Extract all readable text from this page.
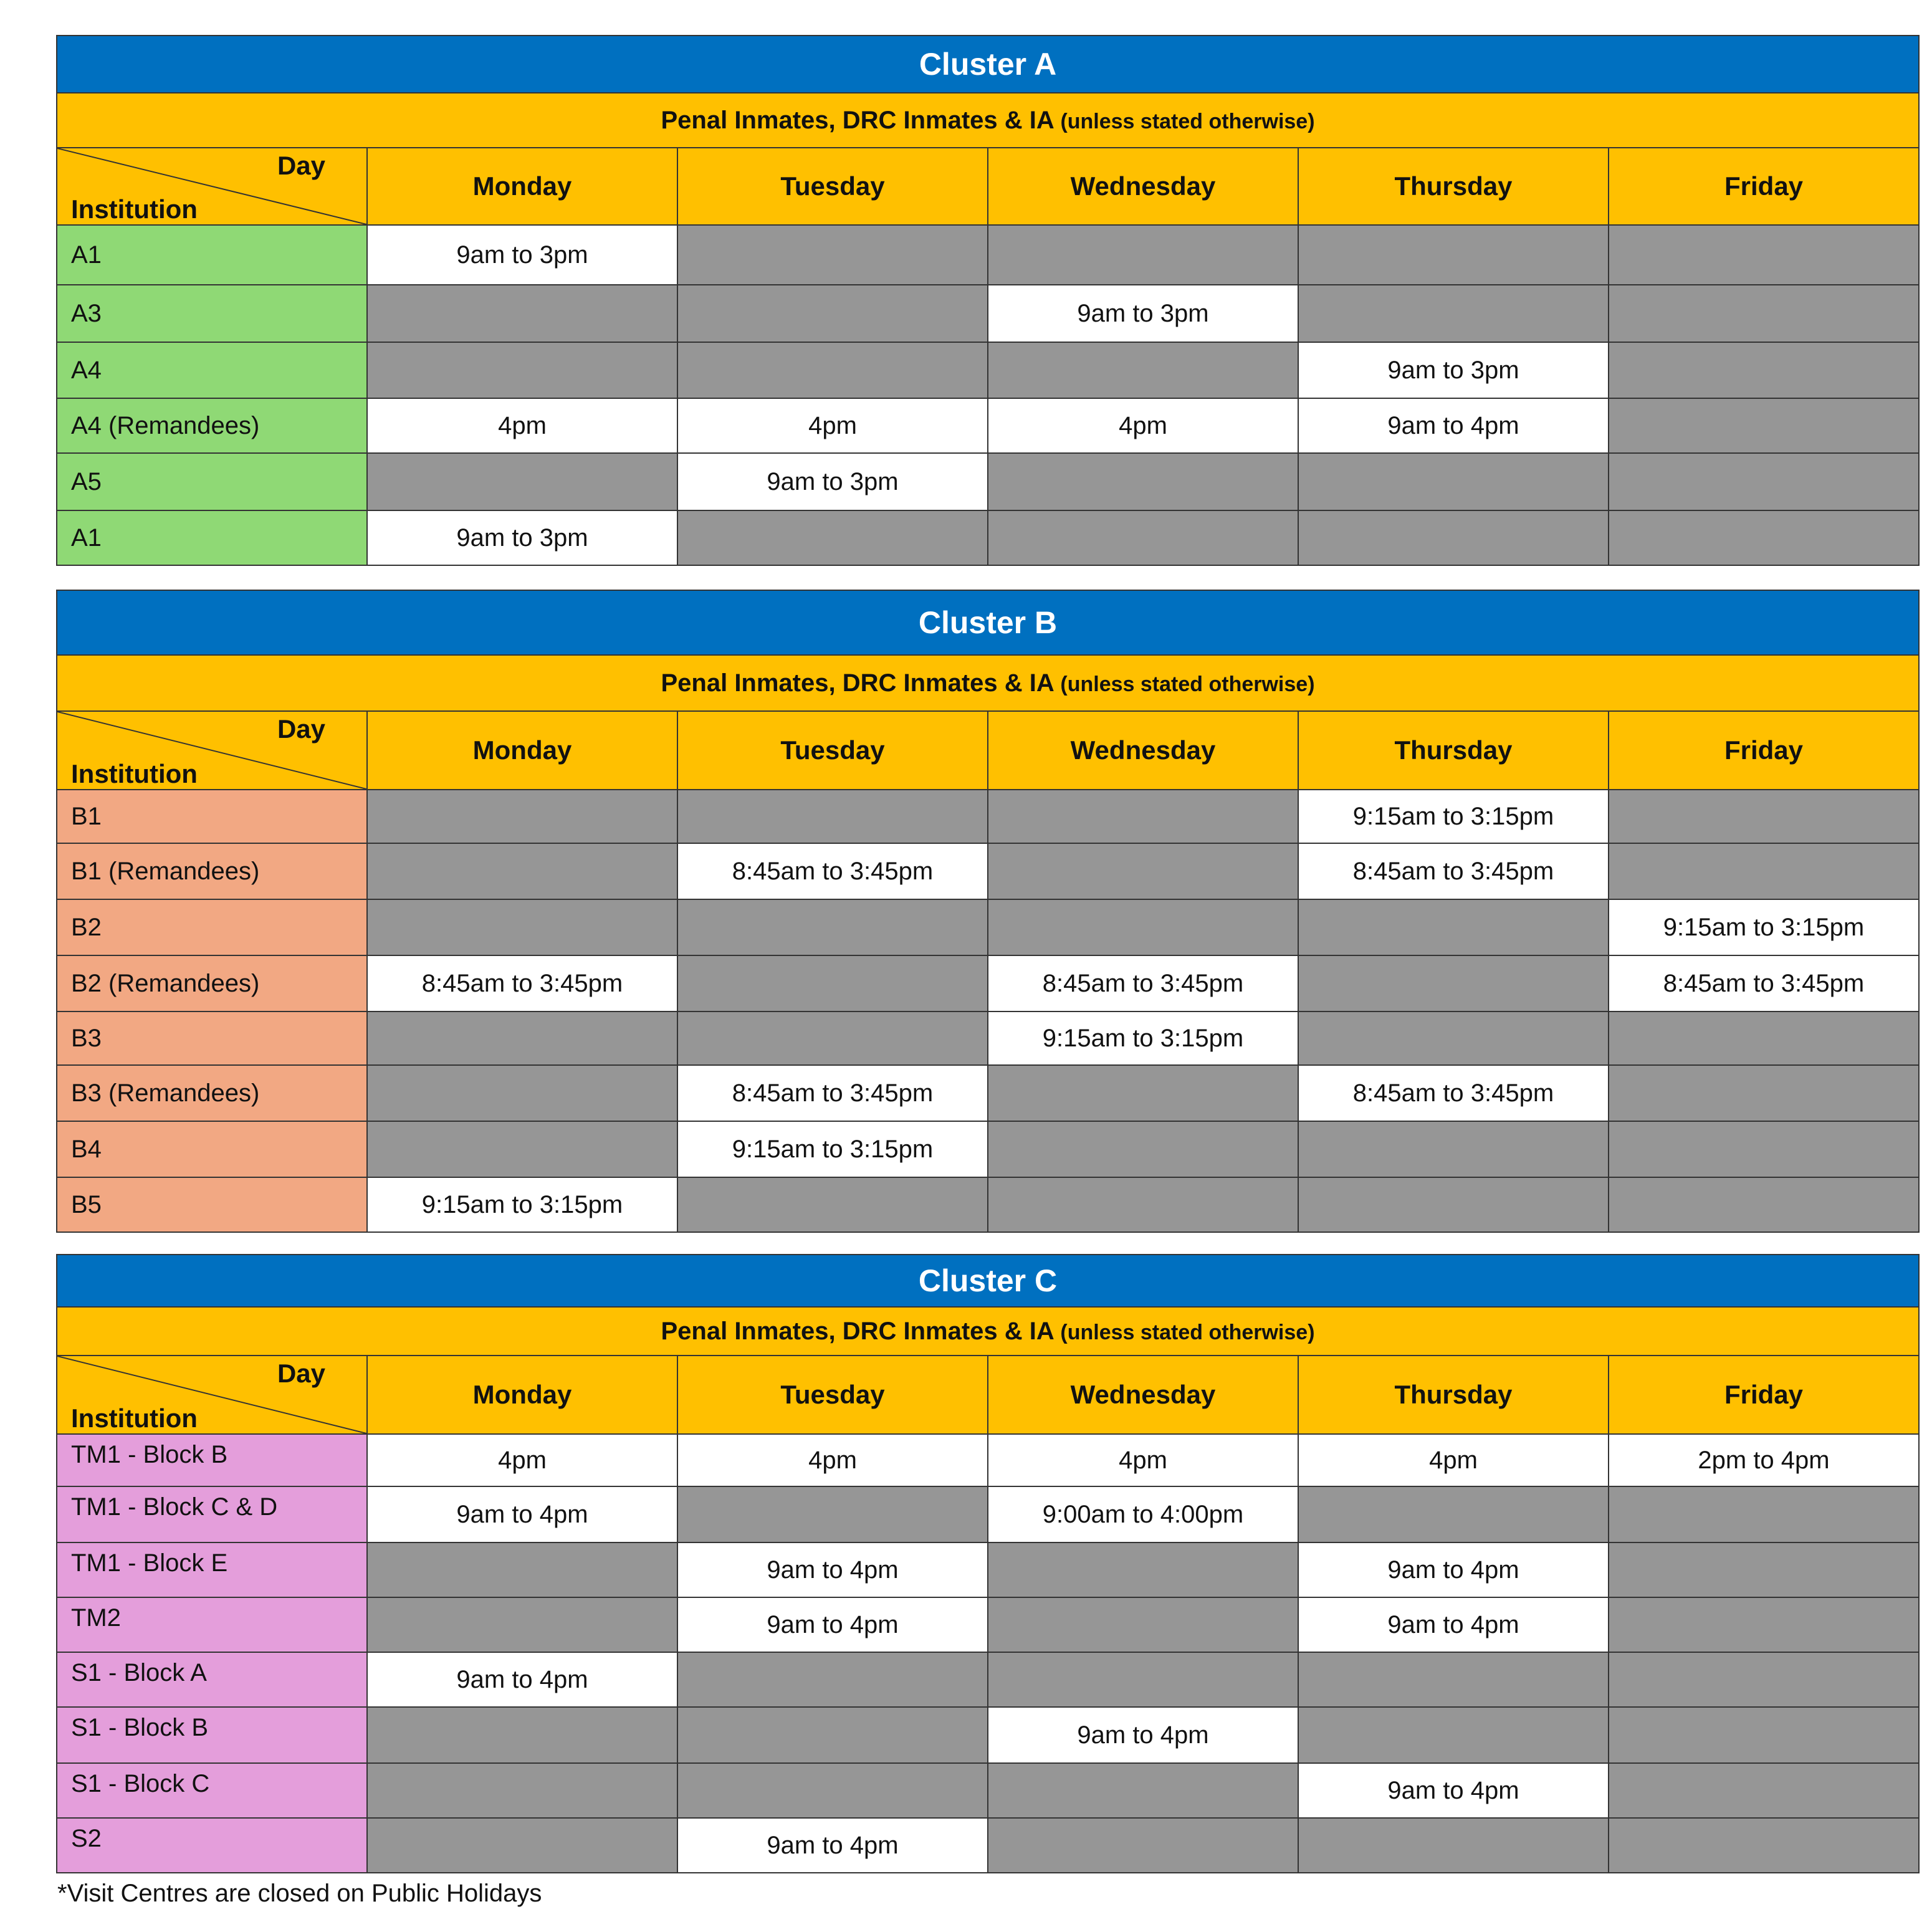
Cluster A					
Penal Inmates, DRC Inmates & IA (unless stated otherwise)					

Day
Institution	Monday	Tuesday	Wednesday	Thursday	Friday
A1	9am to 3pm				
A3			9am to 3pm		
A4				9am to 3pm	
A4 (Remandees)	4pm	4pm	4pm	9am to 4pm	
A5		9am to 3pm			
A1	9am to 3pm				
Cluster B					
Penal Inmates, DRC Inmates & IA (unless stated otherwise)					

Day
Institution	Monday	Tuesday	Wednesday	Thursday	Friday
B1				9:15am to 3:15pm	
B1 (Remandees)		8:45am to 3:45pm		8:45am to 3:45pm	
B2					9:15am to 3:15pm
B2 (Remandees)	8:45am to 3:45pm		8:45am to 3:45pm		8:45am to 3:45pm
B3			9:15am to 3:15pm		
B3 (Remandees)		8:45am to 3:45pm		8:45am to 3:45pm	
B4		9:15am to 3:15pm			
B5	9:15am to 3:15pm				
Cluster C					
Penal Inmates, DRC Inmates & IA (unless stated otherwise)					

Day
Institution	Monday	Tuesday	Wednesday	Thursday	Friday
TM1 - Block B	4pm	4pm	4pm	4pm	2pm to 4pm
TM1 - Block C & D	9am to 4pm		9:00am to 4:00pm		
TM1 - Block E		9am to 4pm		9am to 4pm	
TM2		9am to 4pm		9am to 4pm	
S1 - Block A	9am to 4pm				
S1 - Block B			9am to 4pm		
S1 - Block C				9am to 4pm	
S2		9am to 4pm			
*Visit Centres are closed on Public Holidays
